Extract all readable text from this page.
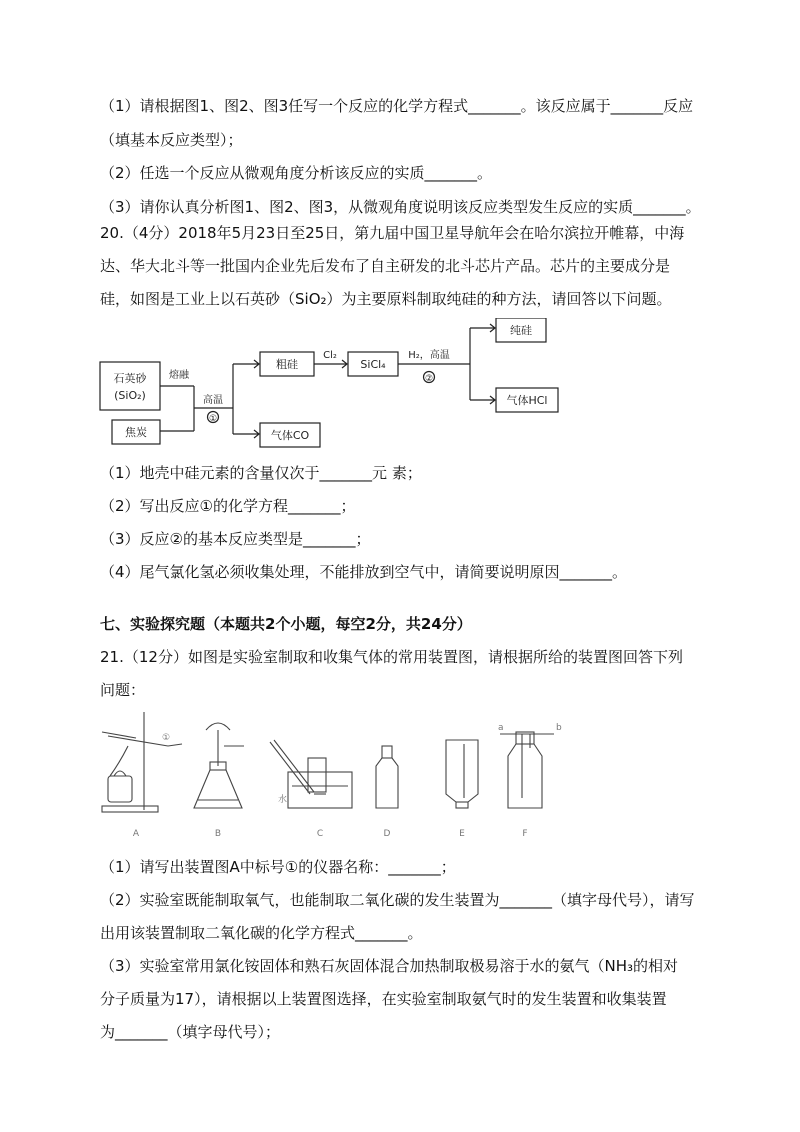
（1）请根据图1、图2、图3任写一个反应的化学方程式_______。该反应属于_______反应
（填基本反应类型）；
（2）任选一个反应从微观角度分析该反应的实质_______。
（3）请你认真分析图1、图2、图3，从微观角度说明该反应类型发生反应的实质_______。
20.（4分）2018年5月23日至25日，第九届中国卫星导航年会在哈尔滨拉开帷幕，中海
达、华大北斗等一批国内企业先后发布了自主研发的北斗芯片产品。芯片的主要成分是
硅，如图是工业上以石英砂（SiO₂）为主要原料制取纯硅的种方法，请回答以下问题。
石英砂
(SiO₂)
焦炭
熔融
高温
①
粗硅
Cl₂
SiCl₄
H₂，高温
②
纯硅
气体HCl
气体CO
（1）地壳中硅元素的含量仅次于_______元 素；
（2）写出反应①的化学方程_______；
（3）反应②的基本反应类型是_______；
（4）尾气氯化氢必须收集处理，不能排放到空气中，请简要说明原因_______。
七、实验探究题（本题共2个小题，每空2分，共24分）
21.（12分）如图是实验室制取和收集气体的常用装置图，请根据所给的装置图回答下列
问题：
A	B	C	D	E	F
①
水
a	b
（1）请写出装置图A中标号①的仪器名称：_______；
（2）实验室既能制取氧气，也能制取二氧化碳的发生装置为_______（填字母代号），请写
出用该装置制取二氧化碳的化学方程式_______。
（3）实验室常用氯化铵固体和熟石灰固体混合加热制取极易溶于水的氨气（NH₃的相对
分子质量为17），请根据以上装置图选择，在实验室制取氨气时的发生装置和收集装置
为_______（填字母代号）；
